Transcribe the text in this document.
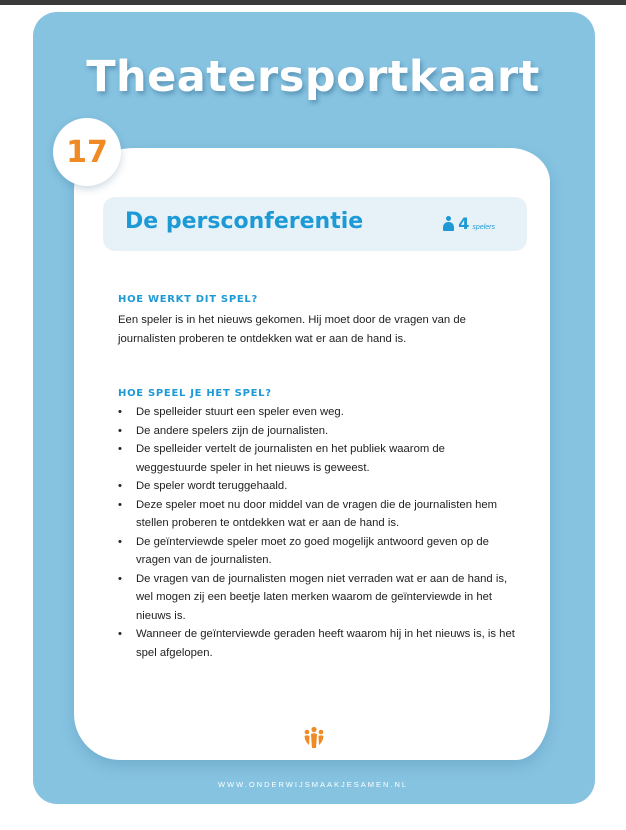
Theatersportkaart
17
De persconferentie	4 spelers
HOE WERKT DIT SPEL?

Een speler is in het nieuws gekomen. Hij moet door de vragen van de journalisten proberen te ontdekken wat er aan de hand is.

HOE SPEEL JE HET SPEL?
• De spelleider stuurt een speler even weg.
• De andere spelers zijn de journalisten.
• De spelleider vertelt de journalisten en het publiek waarom de weggestuurde speler in het nieuws is geweest.
• De speler wordt teruggehaald.
• Deze speler moet nu door middel van de vragen die de journalisten hem stellen proberen te ontdekken wat er aan de hand is.
• De geïnterviewde speler moet zo goed mogelijk antwoord geven op de vragen van de journalisten.
• De vragen van de journalisten mogen niet verraden wat er aan de hand is, wel mogen zij een beetje laten merken waarom de geïnterviewde in het nieuws is.
• Wanneer de geïnterviewde geraden heeft waarom hij in het nieuws is, is het spel afgelopen.

WWW.ONDERWIJSMAAKJESAMEN.NL
